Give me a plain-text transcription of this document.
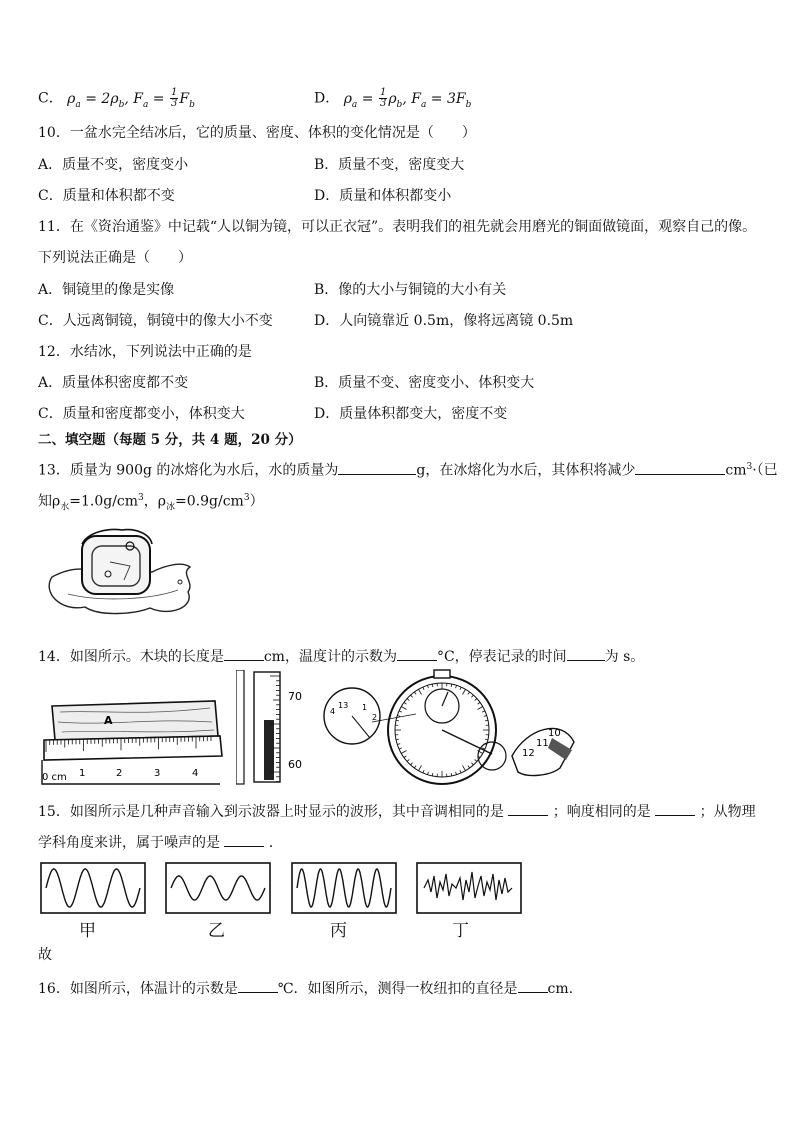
C． $\rho_a = 2\rho_b$, $F_a = \frac{1}{3} F_b$	D． $\rho_a = \frac{1}{3} \rho_b$, $F_a = 3F_b$
10．一盆水完全结冰后，它的质量、密度、体积的变化情况是（　　）
A．质量不变，密度变小	B．质量不变，密度变大
C．质量和体积都不变	D．质量和体积都变小
11．在《资治通鉴》中记载“人以铜为镜，可以正衣冠”。表明我们的祖先就会用磨光的铜面做镜面，观察自己的像。
下列说法正确是（　　）
A．铜镜里的像是实像	B．像的大小与铜镜的大小有关
C．人远离铜镜，铜镜中的像大小不变	D．人向镜靠近 0.5m，像将远离镜 0.5m
12．水结冰，下列说法中正确的是
A．质量体积密度都不变	B．质量不变、密度变小、体积变大
C．质量和密度都变小，体积变大	D．质量体积都变大，密度不变
二、填空题（每题 5 分，共 4 题，20 分）
13．质量为 900g 的冰熔化为水后，水的质量为	g，在冰熔化为水后，其体积将减少	$cm^3\cdot$（已
知$\rho_水=1.0g/cm^3$，$\rho_冰=0.9g/cm^3$）
14．如图所示。木块的长度是	cm，温度计的示数为	°C，停表记录的时间	为 s。
A
0 cm 1	2	3	4
70
60
4
13 1
2
12
11
10
15．如图所示是几种声音输入到示波器上时显示的波形，其中音调相同的是	；响度相同的是	；从物理
学科角度来讲，属于噪声的是	．
甲	乙	丙	丁
故
16．如图所示，体温计的示数是	℃．如图所示，测得一枚纽扣的直径是 cm.
